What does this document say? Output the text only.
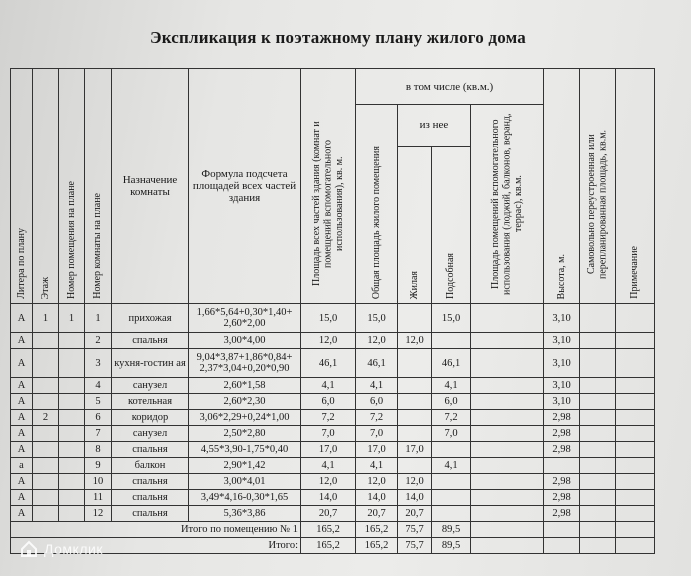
Экспликация к поэтажному плану жилого дома
Литера по плану	Этаж	Номер помещения на плане	Номер комнаты на плане	Назначение комнаты	Формула подсчета площадей всех частей здания	Площадь всех частей здания (комнат и помещений вспомогательного использования), кв. м.	в том числе (кв.м.)				Высота, м.	Самовольно переустроенная или перепланированная площадь, кв.м.	Примечание

							Общая площадь жилого помещения	из нее		Площадь помещений вспомогательного использования (лоджий, балконов, веранд, террас), кв.м.			

								Жилая	Подсобная				

А	1	1	1	прихожая	1,66*5,64+0,30*1,40+ 2,60*2,00	15,0	15,0		15,0		3,10		
А			2	спальня	3,00*4,00	12,0	12,0	12,0			3,10		
А			3	кухня-гостин ая	9,04*3,87+1,86*0,84+ 2,37*3,04+0,20*0,90	46,1	46,1		46,1		3,10		
А			4	санузел	2,60*1,58	4,1	4,1		4,1		3,10		
А			5	котельная	2,60*2,30	6,0	6,0		6,0		3,10		
А	2		6	коридор	3,06*2,29+0,24*1,00	7,2	7,2		7,2		2,98		
А			7	санузел	2,50*2,80	7,0	7,0		7,0		2,98		
А			8	спальня	4,55*3,90-1,75*0,40	17,0	17,0	17,0			2,98		
а			9	балкон	2,90*1,42	4,1	4,1		4,1				
А			10	спальня	3,00*4,01	12,0	12,0	12,0			2,98		
А			11	спальня	3,49*4,16-0,30*1,65	14,0	14,0	14,0			2,98		
А			12	спальня	5,36*3,86	20,7	20,7	20,7			2,98		
Итого по помещению № 1						165,2	165,2	75,7	89,5				
Итого:						165,2	165,2	75,7	89,5				
Домклик
